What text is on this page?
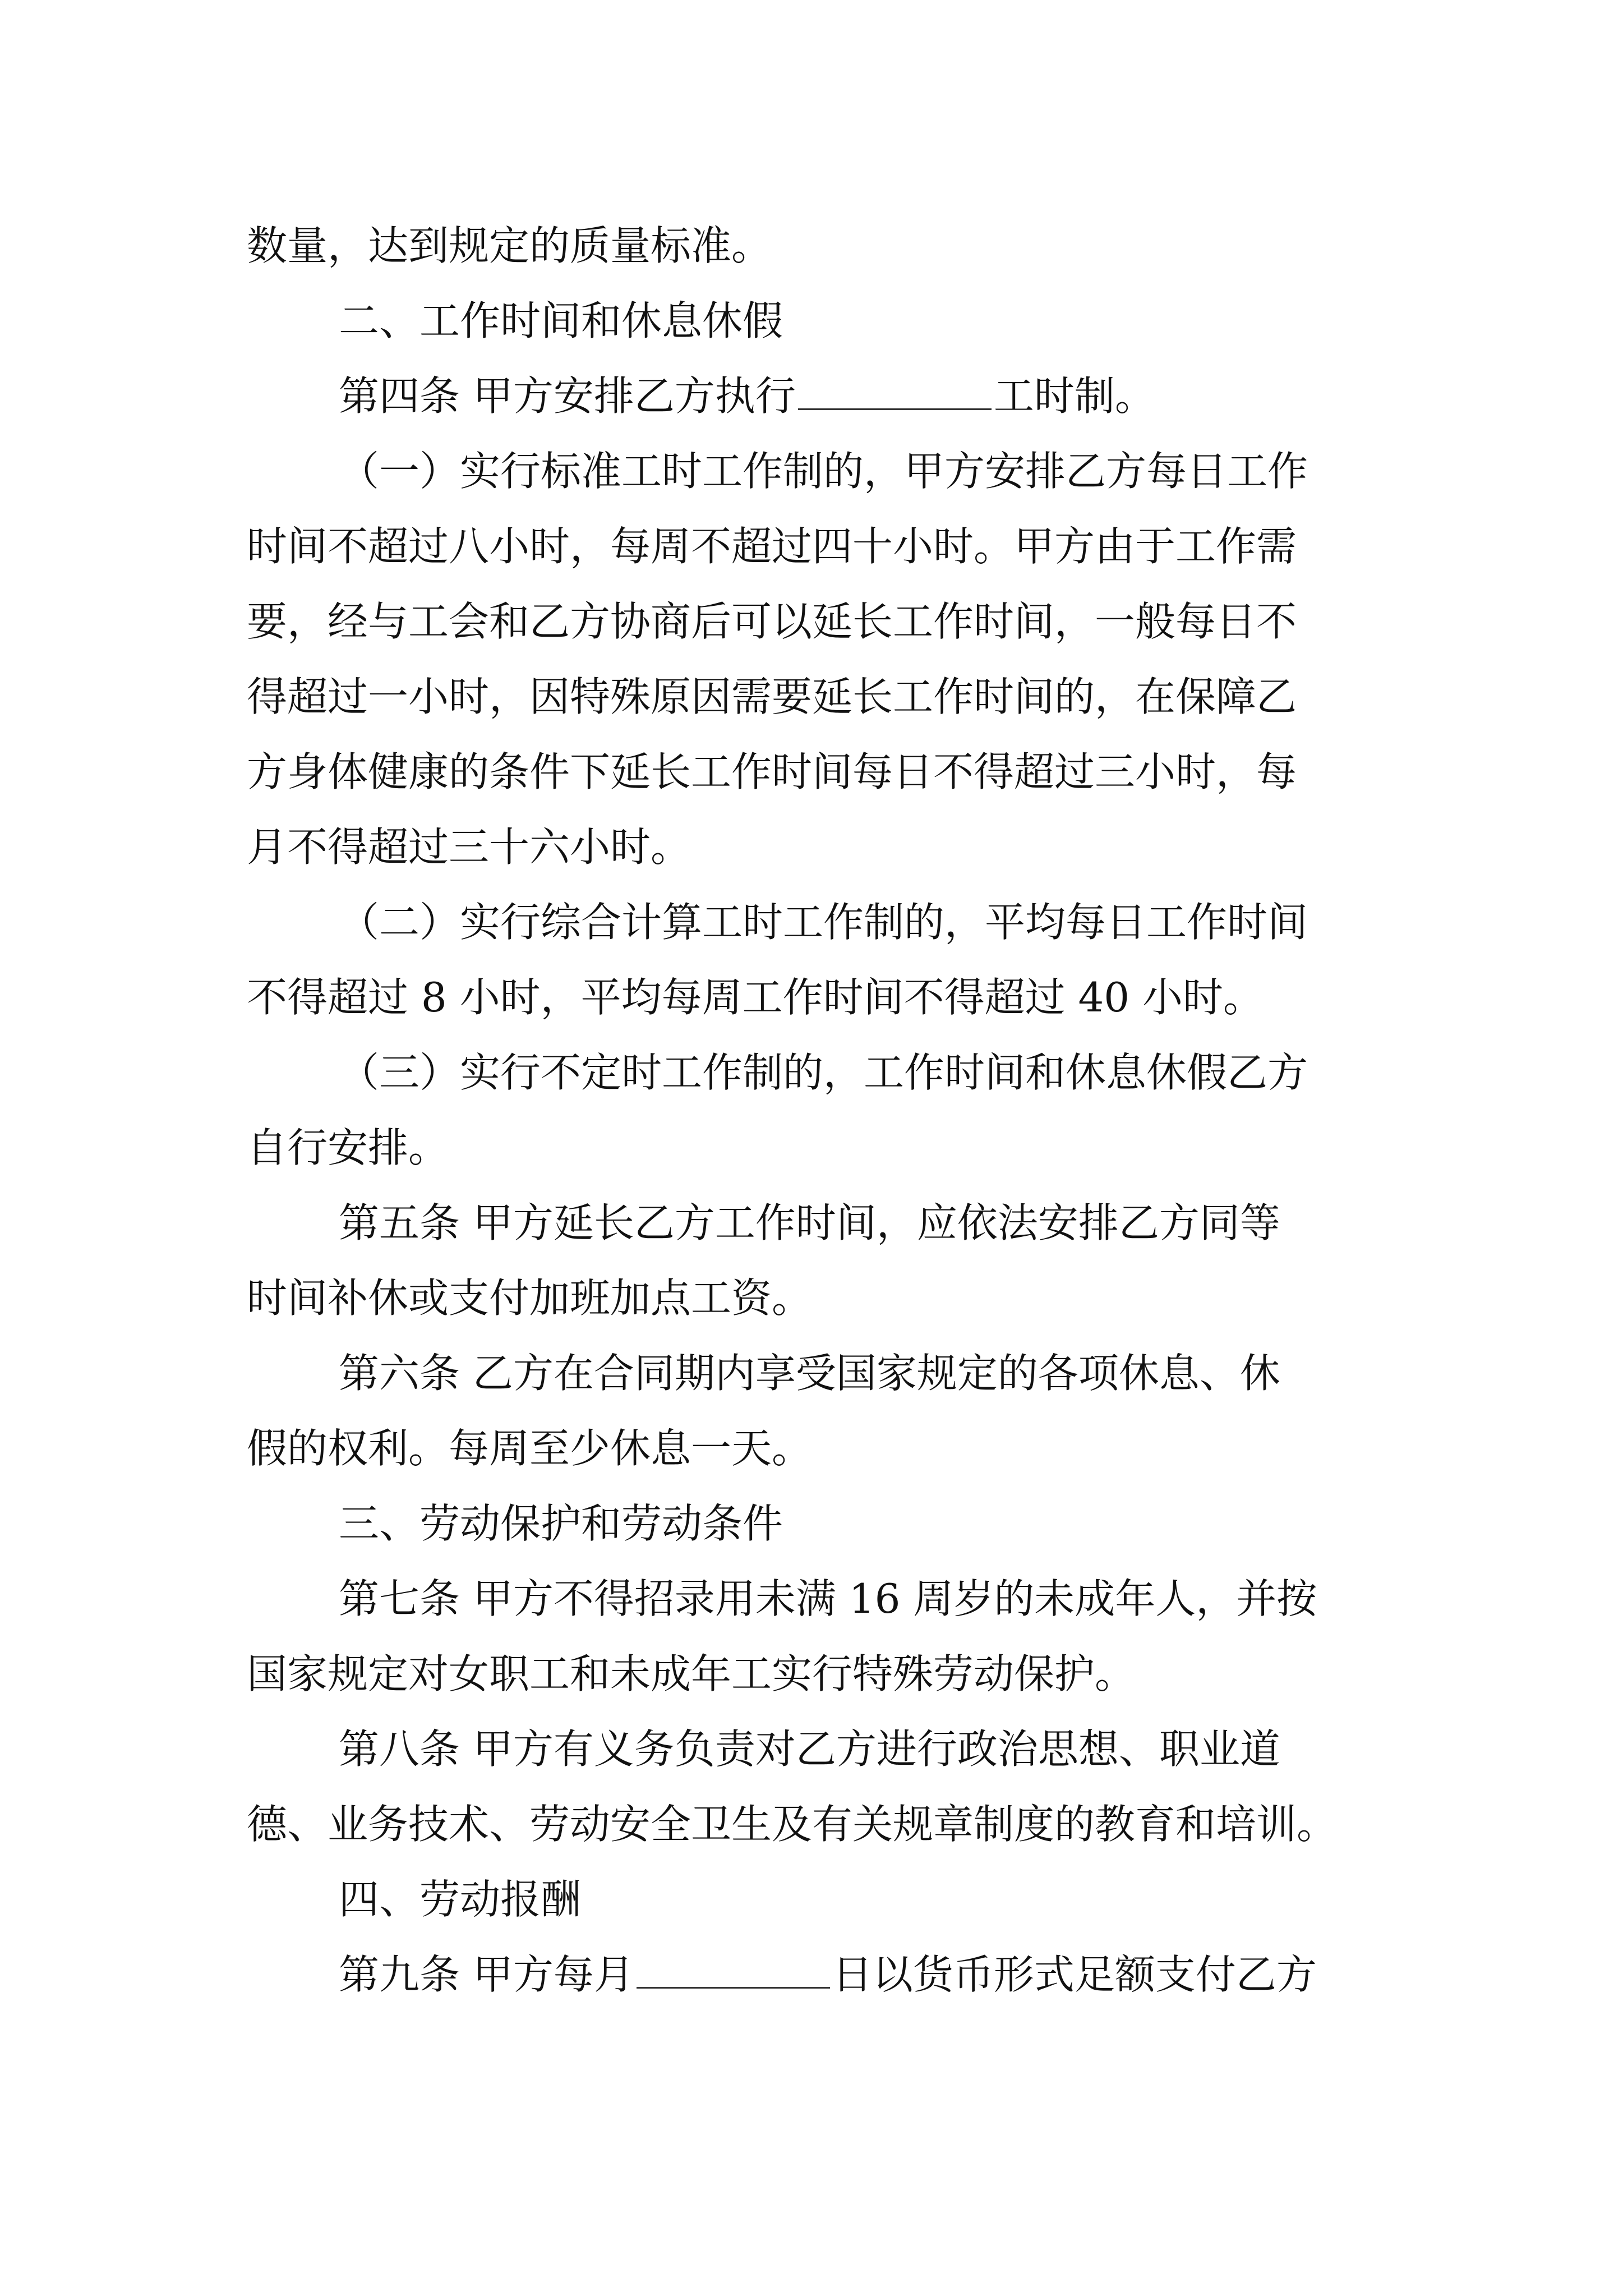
数量，达到规定的质量标准。
二、工作时间和休息休假
第四条 甲方安排乙方执行	工时制。
（一）实行标准工时工作制的，甲方安排乙方每日工作
时间不超过八小时，每周不超过四十小时。甲方由于工作需
要，经与工会和乙方协商后可以延长工作时间，一般每日不
得超过一小时，因特殊原因需要延长工作时间的，在保障乙
方身体健康的条件下延长工作时间每日不得超过三小时，每
月不得超过三十六小时。
（二）实行综合计算工时工作制的，平均每日工作时间
不得超过 8 小时，平均每周工作时间不得超过 40 小时。
（三）实行不定时工作制的，工作时间和休息休假乙方
自行安排。
第五条 甲方延长乙方工作时间，应依法安排乙方同等
时间补休或支付加班加点工资。
第六条 乙方在合同期内享受国家规定的各项休息、休
假的权利。每周至少休息一天。
三、劳动保护和劳动条件
第七条 甲方不得招录用未满 16 周岁的未成年人，并按
国家规定对女职工和未成年工实行特殊劳动保护。
第八条 甲方有义务负责对乙方进行政治思想、职业道
德、业务技术、劳动安全卫生及有关规章制度的教育和培训。
四、劳动报酬
第九条 甲方每月	日以货币形式足额支付乙方
